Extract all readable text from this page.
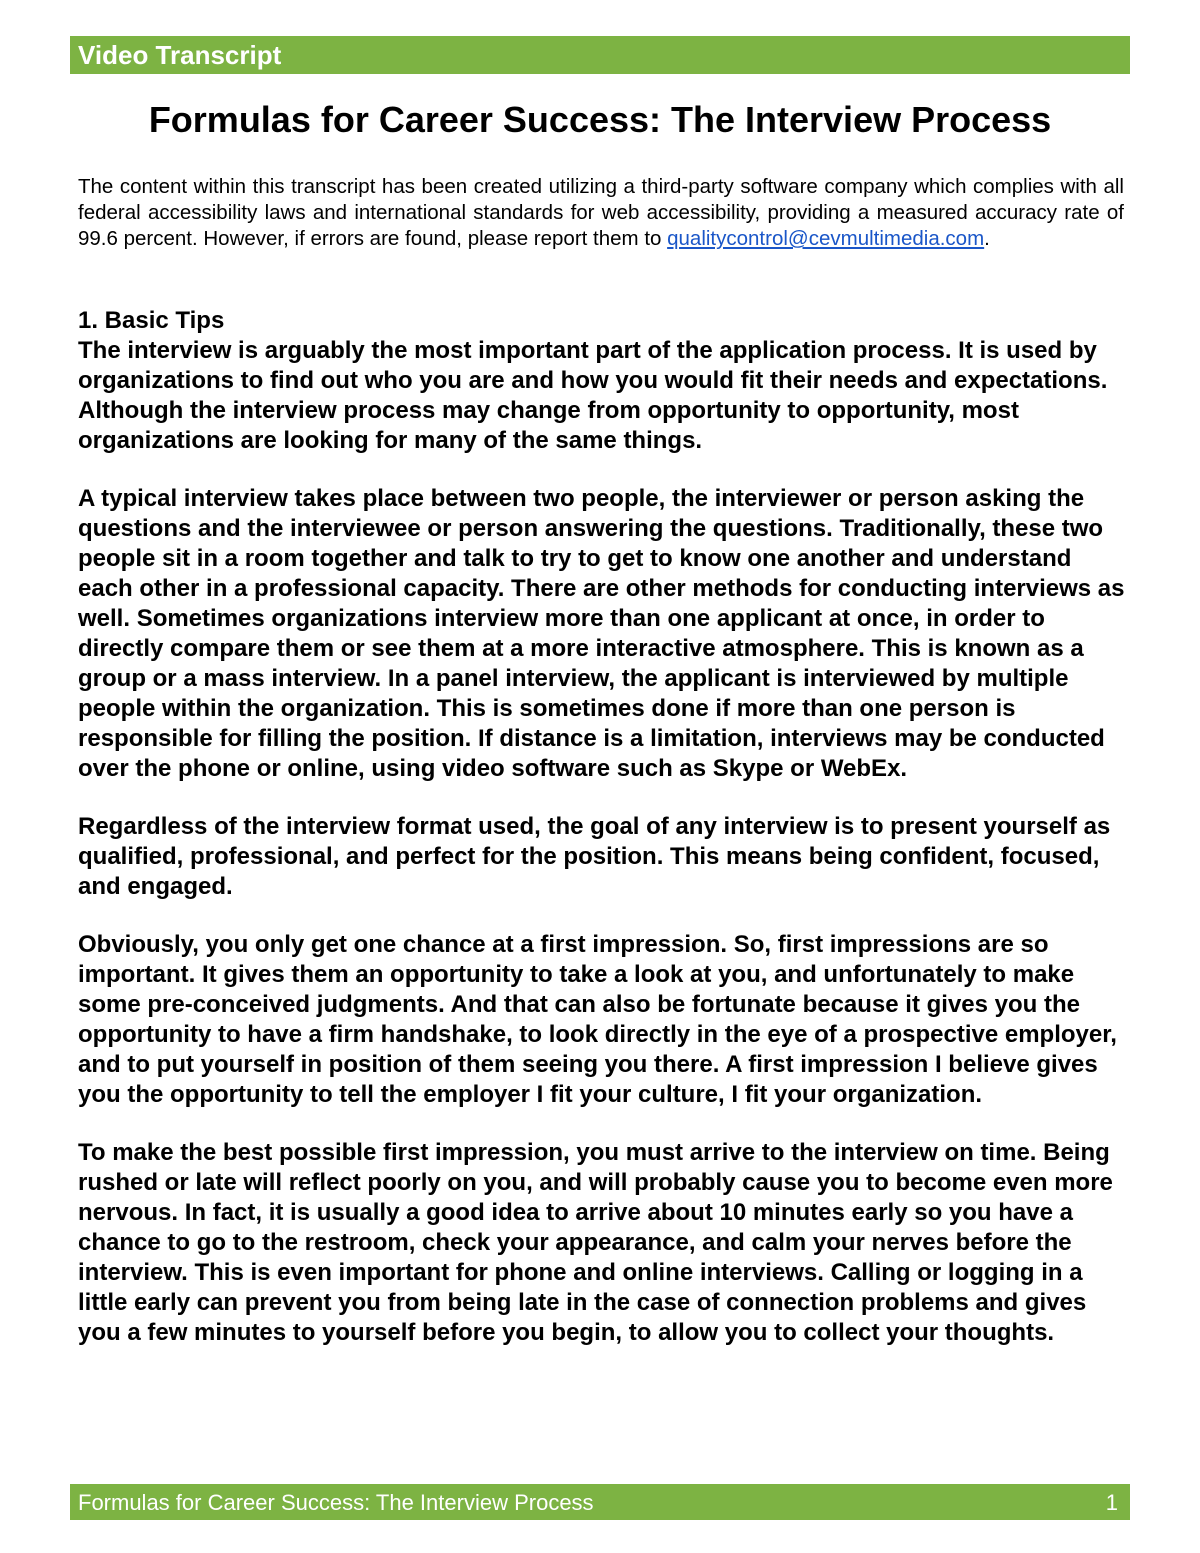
Video Transcript
Formulas for Career Success: The Interview Process
The content within this transcript has been created utilizing a third-party software company which complies with all federal accessibility laws and international standards for web accessibility, providing a measured accuracy rate of 99.6 percent. However, if errors are found, please report them to qualitycontrol@cevmultimedia.com.
1. Basic Tips

The interview is arguably the most important part of the application process. It is used by organizations to find out who you are and how you would fit their needs and expectations. Although the interview process may change from opportunity to opportunity, most organizations are looking for many of the same things.

A typical interview takes place between two people, the interviewer or person asking the questions and the interviewee or person answering the questions. Traditionally, these two people sit in a room together and talk to try to get to know one another and understand each other in a professional capacity. There are other methods for conducting interviews as well. Sometimes organizations interview more than one applicant at once, in order to directly compare them or see them at a more interactive atmosphere. This is known as a group or a mass interview. In a panel interview, the applicant is interviewed by multiple people within the organization. This is sometimes done if more than one person is responsible for filling the position. If distance is a limitation, interviews may be conducted over the phone or online, using video software such as Skype or WebEx.

Regardless of the interview format used, the goal of any interview is to present yourself as qualified, professional, and perfect for the position. This means being confident, focused, and engaged.

Obviously, you only get one chance at a first impression. So, first impressions are so important. It gives them an opportunity to take a look at you, and unfortunately to make some pre-conceived judgments. And that can also be fortunate because it gives you the opportunity to have a firm handshake, to look directly in the eye of a prospective employer, and to put yourself in position of them seeing you there. A first impression I believe gives you the opportunity to tell the employer I fit your culture, I fit your organization.

To make the best possible first impression, you must arrive to the interview on time. Being rushed or late will reflect poorly on you, and will probably cause you to become even more nervous. In fact, it is usually a good idea to arrive about 10 minutes early so you have a chance to go to the restroom, check your appearance, and calm your nerves before the interview. This is even important for phone and online interviews. Calling or logging in a little early can prevent you from being late in the case of connection problems and gives you a few minutes to yourself before you begin, to allow you to collect your thoughts.

Formulas for Career Success: The Interview Process	1
